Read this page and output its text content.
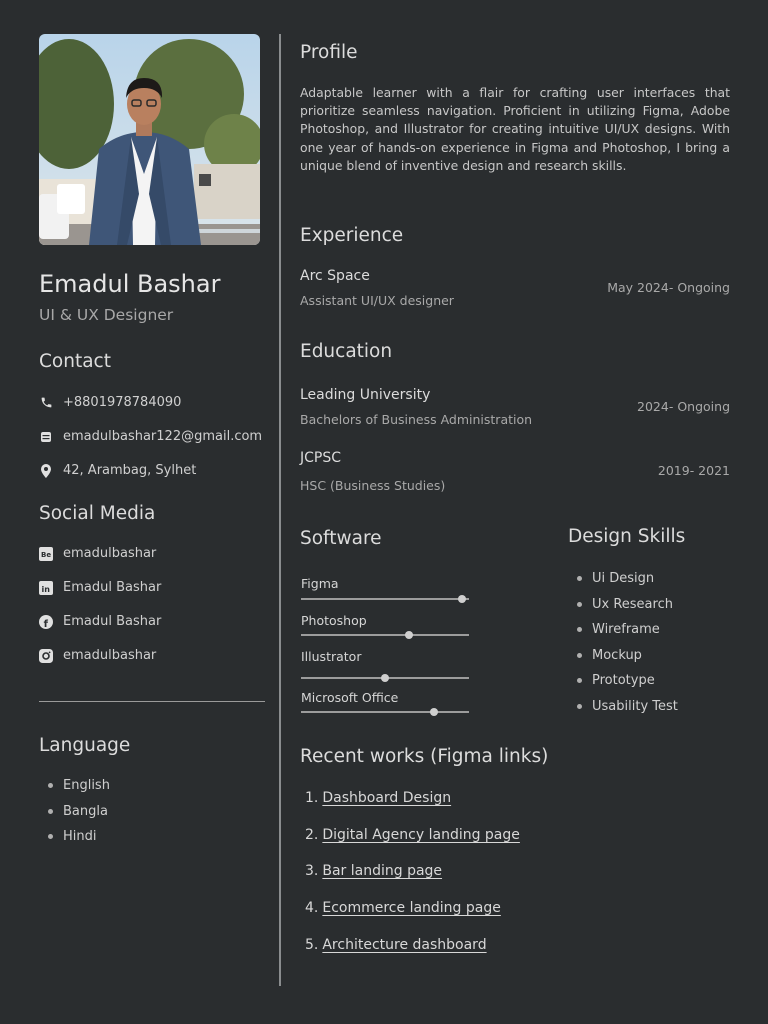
Emadul Bashar
UI & UX Designer
Contact
+8801978784090
emadulbashar122@gmail.com
42, Arambag, Sylhet
Social Media
Be emadulbashar
in Emadul Bashar
f Emadul Bashar
emadulbashar
Language
English
Bangla
Hindi
Profile

Adaptable learner with a flair for crafting user interfaces that prioritize seamless navigation. Proficient in utilizing Figma, Adobe Photoshop, and Illustrator for creating intuitive UI/UX designs. With one year of hands-on experience in Figma and Photoshop, I bring a unique blend of inventive design and research skills.

Experience
Arc Space
Assistant UI/UX designer
May 2024- Ongoing
Education
Leading University
Bachelors of Business Administration
2024- Ongoing
JCPSC
HSC (Business Studies)
2019- 2021
Software
Figma
Photoshop
Illustrator
Microsoft Office
Design Skills
Ui Design
Ux Research
Wireframe
Mockup
Prototype
Usability Test
Recent works (Figma links)
1. Dashboard Design
2. Digital Agency landing page
3. Bar landing page
4. Ecommerce landing page
5. Architecture dashboard
